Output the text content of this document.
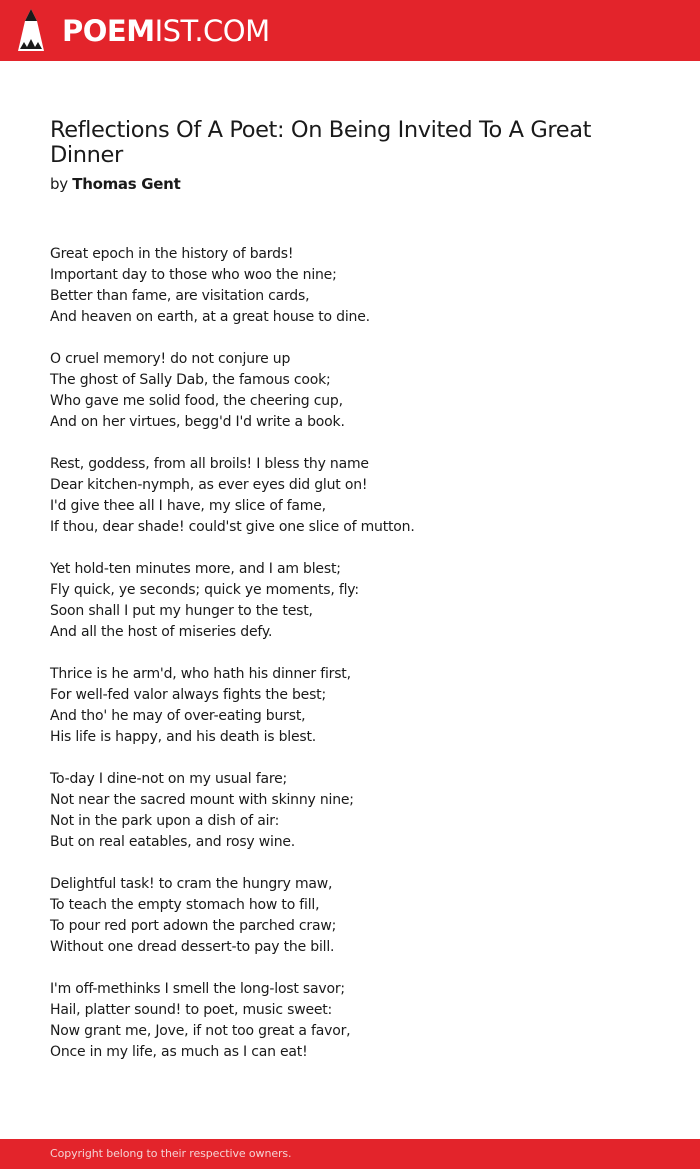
POEMIST.COM
Reflections Of A Poet: On Being Invited To A Great Dinner
by Thomas Gent
Great epoch in the history of bards!
Important day to those who woo the nine;
Better than fame, are visitation cards,
And heaven on earth, at a great house to dine.
O cruel memory! do not conjure up
The ghost of Sally Dab, the famous cook;
Who gave me solid food, the cheering cup,
And on her virtues, begg'd I'd write a book.
Rest, goddess, from all broils! I bless thy name
Dear kitchen-nymph, as ever eyes did glut on!
I'd give thee all I have, my slice of fame,
If thou, dear shade! could'st give one slice of mutton.
Yet hold-ten minutes more, and I am blest;
Fly quick, ye seconds; quick ye moments, fly:
Soon shall I put my hunger to the test,
And all the host of miseries defy.
Thrice is he arm'd, who hath his dinner first,
For well-fed valor always fights the best;
And tho' he may of over-eating burst,
His life is happy, and his death is blest.
To-day I dine-not on my usual fare;
Not near the sacred mount with skinny nine;
Not in the park upon a dish of air:
But on real eatables, and rosy wine.
Delightful task! to cram the hungry maw,
To teach the empty stomach how to fill,
To pour red port adown the parched craw;
Without one dread dessert-to pay the bill.
I'm off-methinks I smell the long-lost savor;
Hail, platter sound! to poet, music sweet:
Now grant me, Jove, if not too great a favor,
Once in my life, as much as I can eat!
Copyright belong to their respective owners.
